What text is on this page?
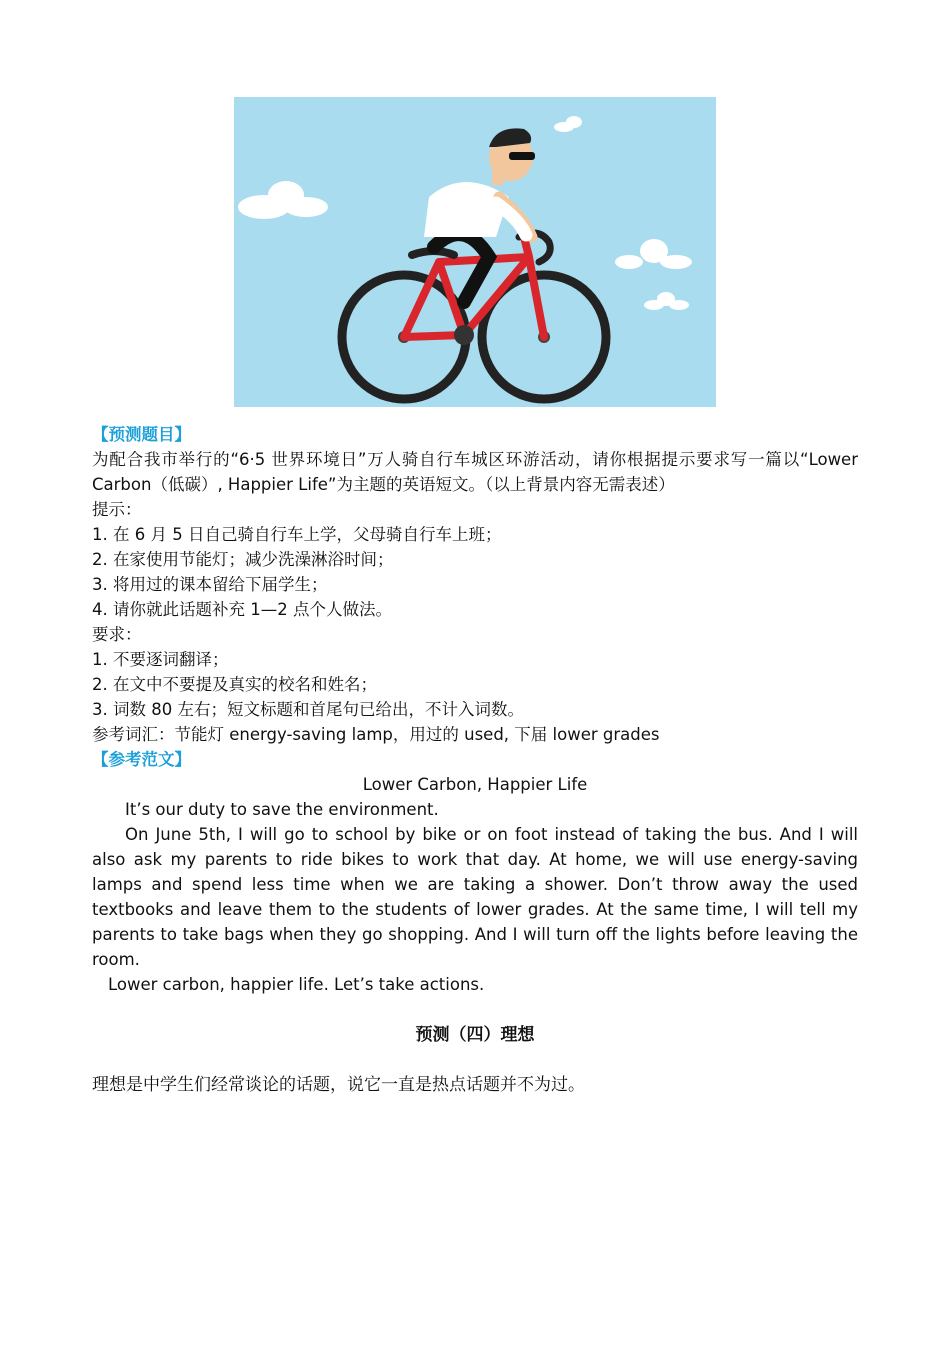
【预测题目】

为配合我市举行的“6·5 世界环境日”万人骑自行车城区环游活动，请你根据提示要求写一篇以“Lower Carbon（低碳）, Happier Life”为主题的英语短文。（以上背景内容无需表述）

提示：

1. 在 6 月 5 日自己骑自行车上学，父母骑自行车上班；

2. 在家使用节能灯；减少洗澡淋浴时间；

3. 将用过的课本留给下届学生；

4. 请你就此话题补充 1—2 点个人做法。

要求：

1. 不要逐词翻译；

2. 在文中不要提及真实的校名和姓名；

3. 词数 80 左右；短文标题和首尾句已给出，不计入词数。

参考词汇：节能灯 energy-saving lamp，用过的 used, 下届 lower grades

【参考范文】

Lower Carbon, Happier Life

It’s our duty to save the environment.

On June 5th, I will go to school by bike or on foot instead of taking the bus. And I will also ask my parents to ride bikes to work that day. At home, we will use energy-saving lamps and spend less time when we are taking a shower. Don’t throw away the used textbooks and leave them to the students of lower grades. At the same time, I will tell my parents to take bags when they go shopping. And I will turn off the lights before leaving the room.

Lower carbon, happier life. Let’s take actions.

预测（四）理想
理想是中学生们经常谈论的话题，说它一直是热点话题并不为过。
